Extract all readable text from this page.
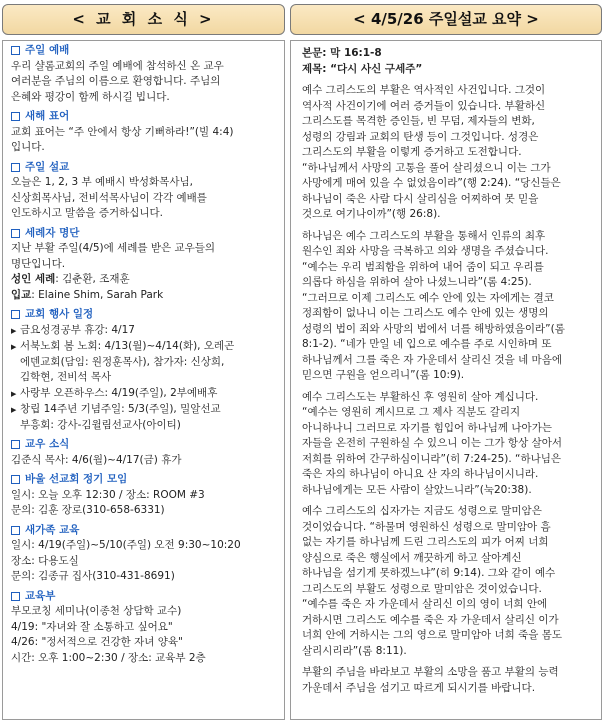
< 교 회 소 식 >	< 4/5/26 주일설교 요약 >
주일 예배
우리 샬롬교회의 주일 예배에 참석하신 온 교우
여러분을 주님의 이름으로 환영합니다. 주님의
은혜와 평강이 함께 하시길 빕니다.
새해 표어
교회 표어는 “주 안에서 항상 기뻐하라!”(빌 4:4)
입니다.
주일 설교
오늘은 1, 2, 3 부 예배시 박성화목사님,
신상희목사님, 전비석목사님이 각각 예배를
인도하시고 말씀을 증거하십니다.
세례자 명단
지난 부활 주일(4/5)에 세례를 받은 교우들의
명단입니다.
성인 세례 : 김춘환, 조재훈
입교 : Elaine Shim, Sarah Park
교회 행사 일정
▶ 금요성경공부 휴강: 4/17
▶ 서북노회 봄 노회: 4/13(월)~4/14(화), 오레곤
에덴교회(담임: 원정훈목사), 참가자: 신상희,
김학현, 전비석 목사
▶ 사랑부 오픈하우스: 4/19(주일), 2부예배후
▶ 창립 14주년 기념주일: 5/3(주일), 밀알선교
부흥회: 강사-김윌림선교사(아이티)
교우 소식
김준식 목사: 4/6(월)~4/17(금) 휴가
바울 선교회 정기 모임
일시: 오늘 오후 12:30 / 장소: ROOM #3
문의: 김훈 장로(310-658-6331)
새가족 교육
일시: 4/19(주일)~5/10(주일) 오전 9:30~10:20
장소: 다용도실
문의: 김종규 집사(310-431-8691)
교육부
부모코칭 세미나(이종천 상담학 교수)
4/19: "자녀와 잘 소통하고 싶어요"
4/26: "정서적으로 건강한 자녀 양육"
시간: 오후 1:00~2:30 / 장소: 교육부 2층
본문: 막 16:1-8
제목: “다시 사신 구세주”
예수 그리스도의 부활은 역사적인 사건입니다. 그것이
역사적 사건이기에 여러 증거들이 있습니다. 부활하신
그리스도를 목격한 증인들, 빈 무덤, 제자들의 변화,
성령의 강림과 교회의 탄생 등이 그것입니다. 성경은
그리스도의 부활을 이렇게 증거하고 도전합니다.
“하나님께서 사망의 고통을 풀어 살리셨으니 이는 그가
사망에게 매여 있을 수 없었음이라”(행 2:24). “당신들은
하나님이 죽은 사람 다시 살리심을 어찌하여 못 믿을
것으로 여기나이까”(행 26:8).
하나님은 예수 그리스도의 부활을 통해서 인류의 최후
원수인 죄와 사망을 극복하고 의와 생명을 주셨습니다.
“예수는 우리 범죄함을 위하여 내어 줌이 되고 우리를
의롭다 하심을 위하여 살아 나셨느니라”(롬 4:25).
“그러므로 이제 그리스도 예수 안에 있는 자에게는 결코
정죄함이 없나니 이는 그리스도 예수 안에 있는 생명의
성령의 법이 죄와 사망의 법에서 너를 해방하였음이라”(롬
8:1-2). “네가 만일 네 입으로 예수를 주로 시인하며 또
하나님께서 그를 죽은 자 가운데서 살리신 것을 네 마음에
믿으면 구원을 얻으리니”(롬 10:9).
예수 그리스도는 부활하신 후 영원히 살아 계십니다.
“예수는 영원히 계시므로 그 제사 직분도 갈리지
아니하나니 그러므로 자기를 힘입어 하나님께 나아가는
자들을 온전히 구원하실 수 있으니 이는 그가 항상 살아서
저희를 위하여 간구하심이니라”(히 7:24-25). “하나님은
죽은 자의 하나님이 아니요 산 자의 하나님이시니라.
하나님에게는 모든 사람이 살았느니라”(눅20:38).
예수 그리스도의 십자가는 지금도 성령으로 말미암은
것이었습니다. “하물며 영원하신 성령으로 말미암아 흠
없는 자기를 하나님께 드린 그리스도의 피가 어찌 너희
양심으로 죽은 행실에서 깨끗하게 하고 살아계신
하나님을 섬기게 못하겠느냐”(히 9:14). 그와 같이 예수
그리스도의 부활도 성령으로 말미암은 것이었습니다.
“예수를 죽은 자 가운데서 살리신 이의 영이 너희 안에
거하시면 그리스도 예수를 죽은 자 가운데서 살리신 이가
너희 안에 거하시는 그의 영으로 말미암아 너희 죽을 몸도
살리시리라”(롬 8:11).
부활의 주님을 바라보고 부활의 소망을 품고 부활의 능력
가운데서 주님을 섬기고 따르게 되시기를 바랍니다.
